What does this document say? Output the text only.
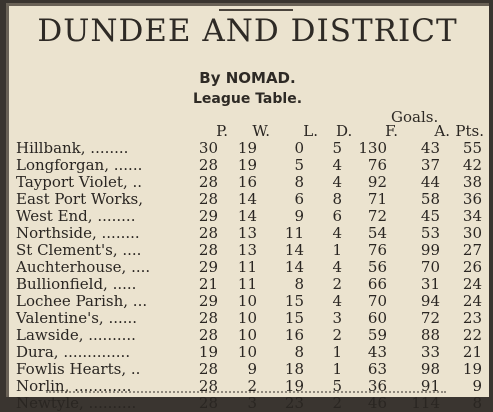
DUNDEE AND DISTRICT
By NOMAD.
League Table.
Goals.
P.	W.	L. D.	F.	A. Pts.
Hillbank, ........	30	19	0 5	130	43	55
Longforgan, ......	28	19	5 4	76	37	42
Tayport Violet, ..	28	16	8 4	92	44	38
East Port Works,	28	14	6 8	71	58	36
West End, ........	29	14	9 6	72	45	34
Northside, ........	28	13	11 4	54	53	30
St Clement's, ....	28	13	14 1	76	99	27
Auchterhouse, ....	29	11	14 4	56	70	26
Bullionfield, .....	21	11	8 2	66	31	24
Lochee Parish, ...	29	10	15 4	70	94	24
Valentine's, ......	28	10	15 3	60	72	23
Lawside, ..........	28	10	16 2	59	88	22
Dura, ..............	19	10	8 1	43	33	21
Fowlis Hearts, ..	28	9	18 1	63	98	19
Norlin, ............	28	2	19 5	36	91	9
Newtyle, ..........	28	3	23 2	46	114	8
